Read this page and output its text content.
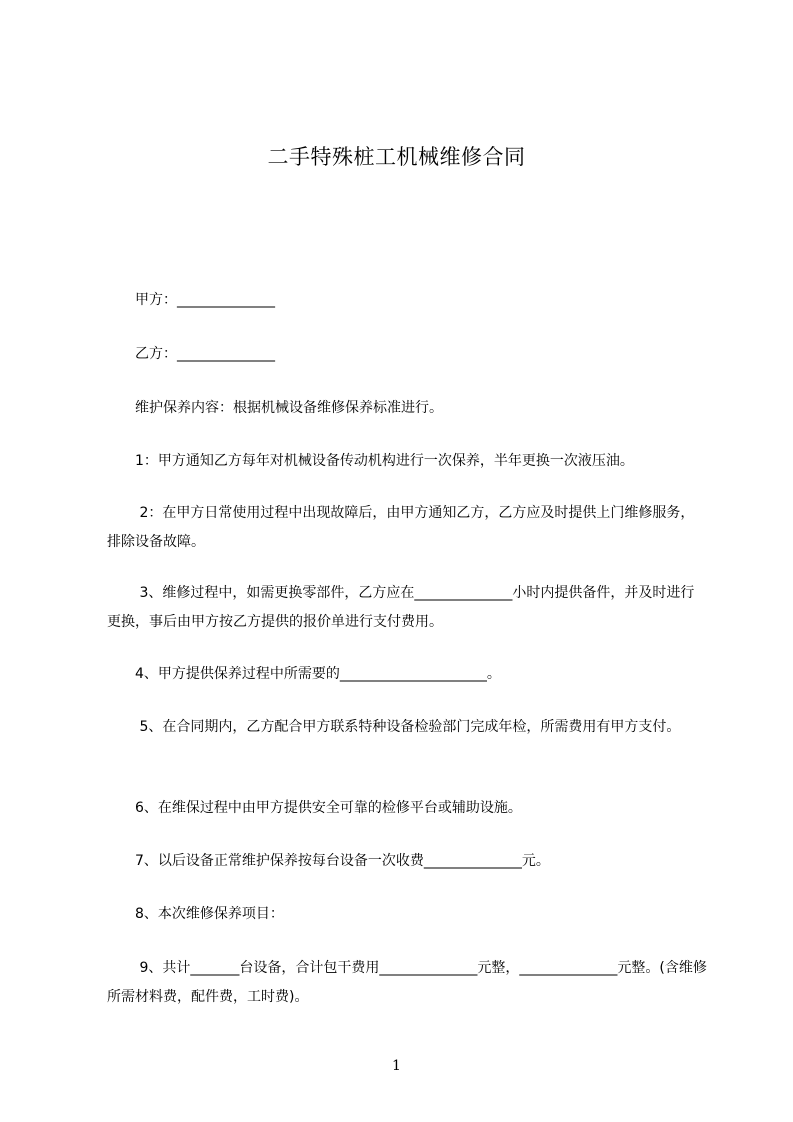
二手特殊桩工机械维修合同
甲方：______________
乙方：______________
维护保养内容：根据机械设备维修保养标准进行。
1：甲方通知乙方每年对机械设备传动机构进行一次保养，半年更换一次液压油。
2：在甲方日常使用过程中出现故障后，由甲方通知乙方，乙方应及时提供上门维修服务，排除设备故障。
3、维修过程中，如需更换零部件，乙方应在______________小时内提供备件，并及时进行更换，事后由甲方按乙方提供的报价单进行支付费用。
4、甲方提供保养过程中所需要的_____________________。
5、在合同期内，乙方配合甲方联系特种设备检验部门完成年检，所需费用有甲方支付。
6、在维保过程中由甲方提供安全可靠的检修平台或辅助设施。
7、以后设备正常维护保养按每台设备一次收费______________元。
8、本次维修保养项目：
9、共计_______台设备，合计包干费用______________元整，______________元整。(含维修所需材料费，配件费，工时费)。
1
